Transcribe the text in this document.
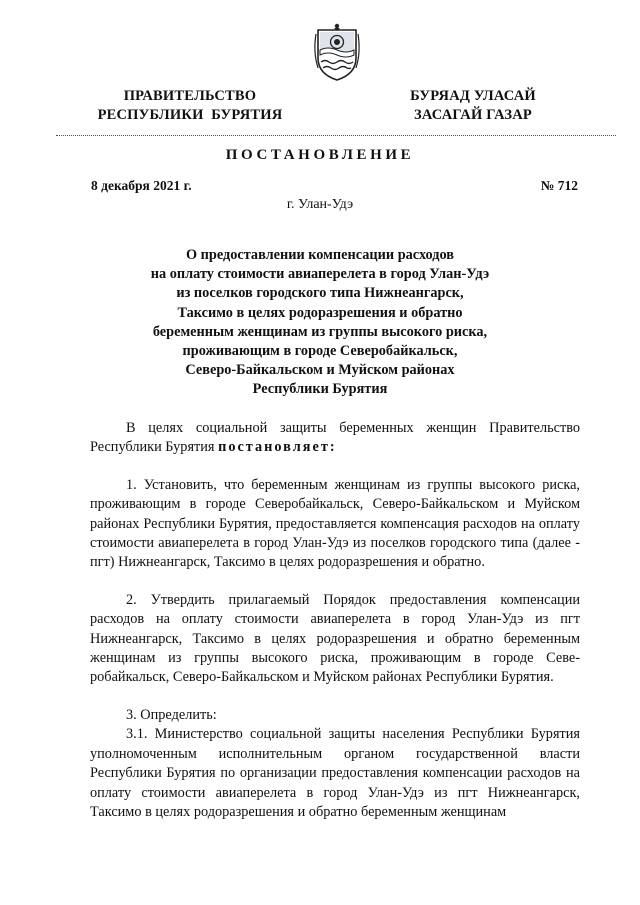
ПРАВИТЕЛЬСТВО
РЕСПУБЛИКИ  БУРЯТИЯ
БУРЯАД УЛАСАЙ
ЗАСАГАЙ ГАЗАР
ПОСТАНОВЛЕНИЕ
8 декабря 2021 г.	№ 712
г. Улан-Удэ
О предоставлении компенсации расходов
на оплату стоимости авиаперелета в город Улан-Удэ
из поселков городского типа Нижнеангарск,
Таксимо в целях родоразрешения и обратно
беременным женщинам из группы высокого риска,
проживающим в городе Северобайкальск,
Северо-Байкальском и Муйском районах
Республики Бурятия

В целях социальной защиты беременных женщин Правительство Республики Бурятия постановляет:

1. Установить, что беременным женщинам из группы высокого риска, проживающим в городе Северобайкальск, Северо-Байкальском и Муйском районах Республики Бурятия, предоставляется компенсация расходов на оплату стоимости авиаперелета в город Улан-Удэ из поселков городского типа (далее - пгт) Нижнеангарск, Таксимо в целях родоразрешения и обратно.

2. Утвердить прилагаемый Порядок предоставления компенсации расходов на оплату стоимости авиаперелета в город Улан-Удэ из пгт Нижнеангарск, Таксимо в целях родоразрешения и обратно беременным женщинам из группы высокого риска, проживающим в городе Северобайкальск, Северо-Байкальском и Муйском районах Республики Бурятия.

3. Определить:

3.1. Министерство социальной защиты населения Республики Бурятия уполномоченным исполнительным органом государственной власти Республики Бурятия по организации предоставления компенсации расходов на оплату стоимости авиаперелета в город Улан-Удэ из пгт Нижнеангарск, Таксимо в целях родоразрешения и обратно беременным женщинам
